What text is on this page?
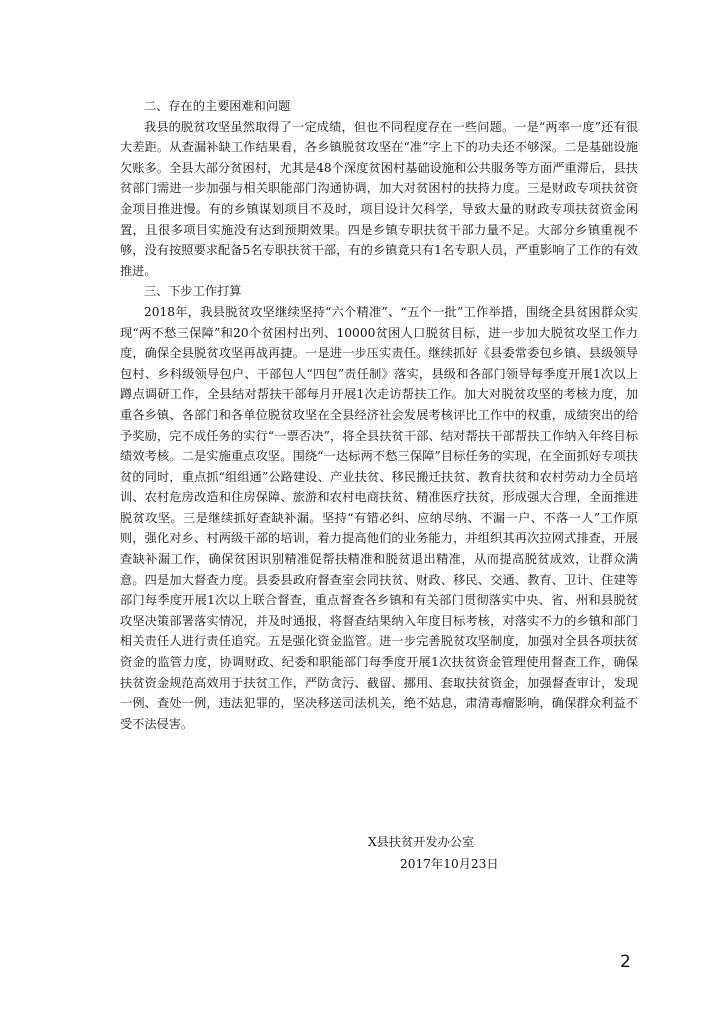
二、存在的主要困难和问题

我县的脱贫攻坚虽然取得了一定成绩，但也不同程度存在一些问题。一是“两率一度”还有很大差距。从查漏补缺工作结果看，各乡镇脱贫攻坚在“准”字上下的功夫还不够深。二是基础设施欠账多。全县大部分贫困村，尤其是48个深度贫困村基础设施和公共服务等方面严重滞后，县扶贫部门需进一步加强与相关职能部门沟通协调，加大对贫困村的扶持力度。三是财政专项扶贫资金项目推进慢。有的乡镇谋划项目不及时，项目设计欠科学，导致大量的财政专项扶贫资金闲置，且很多项目实施没有达到预期效果。四是乡镇专职扶贫干部力量不足。大部分乡镇重视不够，没有按照要求配备5名专职扶贫干部，有的乡镇竟只有1名专职人员，严重影响了工作的有效推进。

三、下步工作打算

2018年，我县脱贫攻坚继续坚持“六个精准”、“五个一批”工作举措，围绕全县贫困群众实现“两不愁三保障”和20个贫困村出列、10000贫困人口脱贫目标，进一步加大脱贫攻坚工作力度，确保全县脱贫攻坚再战再捷。一是进一步压实责任。继续抓好《县委常委包乡镇、县级领导包村、乡科级领导包户、干部包人“四包”责任制》落实，县级和各部门领导每季度开展1次以上蹲点调研工作，全县结对帮扶干部每月开展1次走访帮扶工作。加大对脱贫攻坚的考核力度，加重各乡镇、各部门和各单位脱贫攻坚在全县经济社会发展考核评比工作中的权重，成绩突出的给予奖励，完不成任务的实行“一票否决”，将全县扶贫干部、结对帮扶干部帮扶工作纳入年终目标绩效考核。二是实施重点攻坚。围绕“一达标两不愁三保障”目标任务的实现，在全面抓好专项扶贫的同时，重点抓“组组通”公路建设、产业扶贫、移民搬迁扶贫、教育扶贫和农村劳动力全员培训、农村危房改造和住房保障、旅游和农村电商扶贫、精准医疗扶贫，形成强大合理，全面推进脱贫攻坚。三是继续抓好查缺补漏。坚持“有错必纠、应纳尽纳、不漏一户、不落一人”工作原则，强化对乡、村两级干部的培训，着力提高他们的业务能力，并组织其再次拉网式排查，开展查缺补漏工作，确保贫困识别精准促帮扶精准和脱贫退出精准，从而提高脱贫成效，让群众满意。四是加大督查力度。县委县政府督查室会同扶贫、财政、移民、交通、教育、卫计、住建等部门每季度开展1次以上联合督查，重点督查各乡镇和有关部门贯彻落实中央、省、州和县脱贫攻坚决策部署落实情况，并及时通报，将督查结果纳入年度目标考核，对落实不力的乡镇和部门相关责任人进行责任追究。五是强化资金监管。进一步完善脱贫攻坚制度，加强对全县各项扶贫资金的监管力度，协调财政、纪委和职能部门每季度开展1次扶贫资金管理使用督查工作，确保扶贫资金规范高效用于扶贫工作，严防贪污、截留、挪用、套取扶贫资金，加强督查审计，发现一例、查处一例，违法犯罪的，坚决移送司法机关，绝不姑息，肃清毒瘤影响，确保群众利益不受不法侵害。

X县扶贫开发办公室
2017年10月23日
2
